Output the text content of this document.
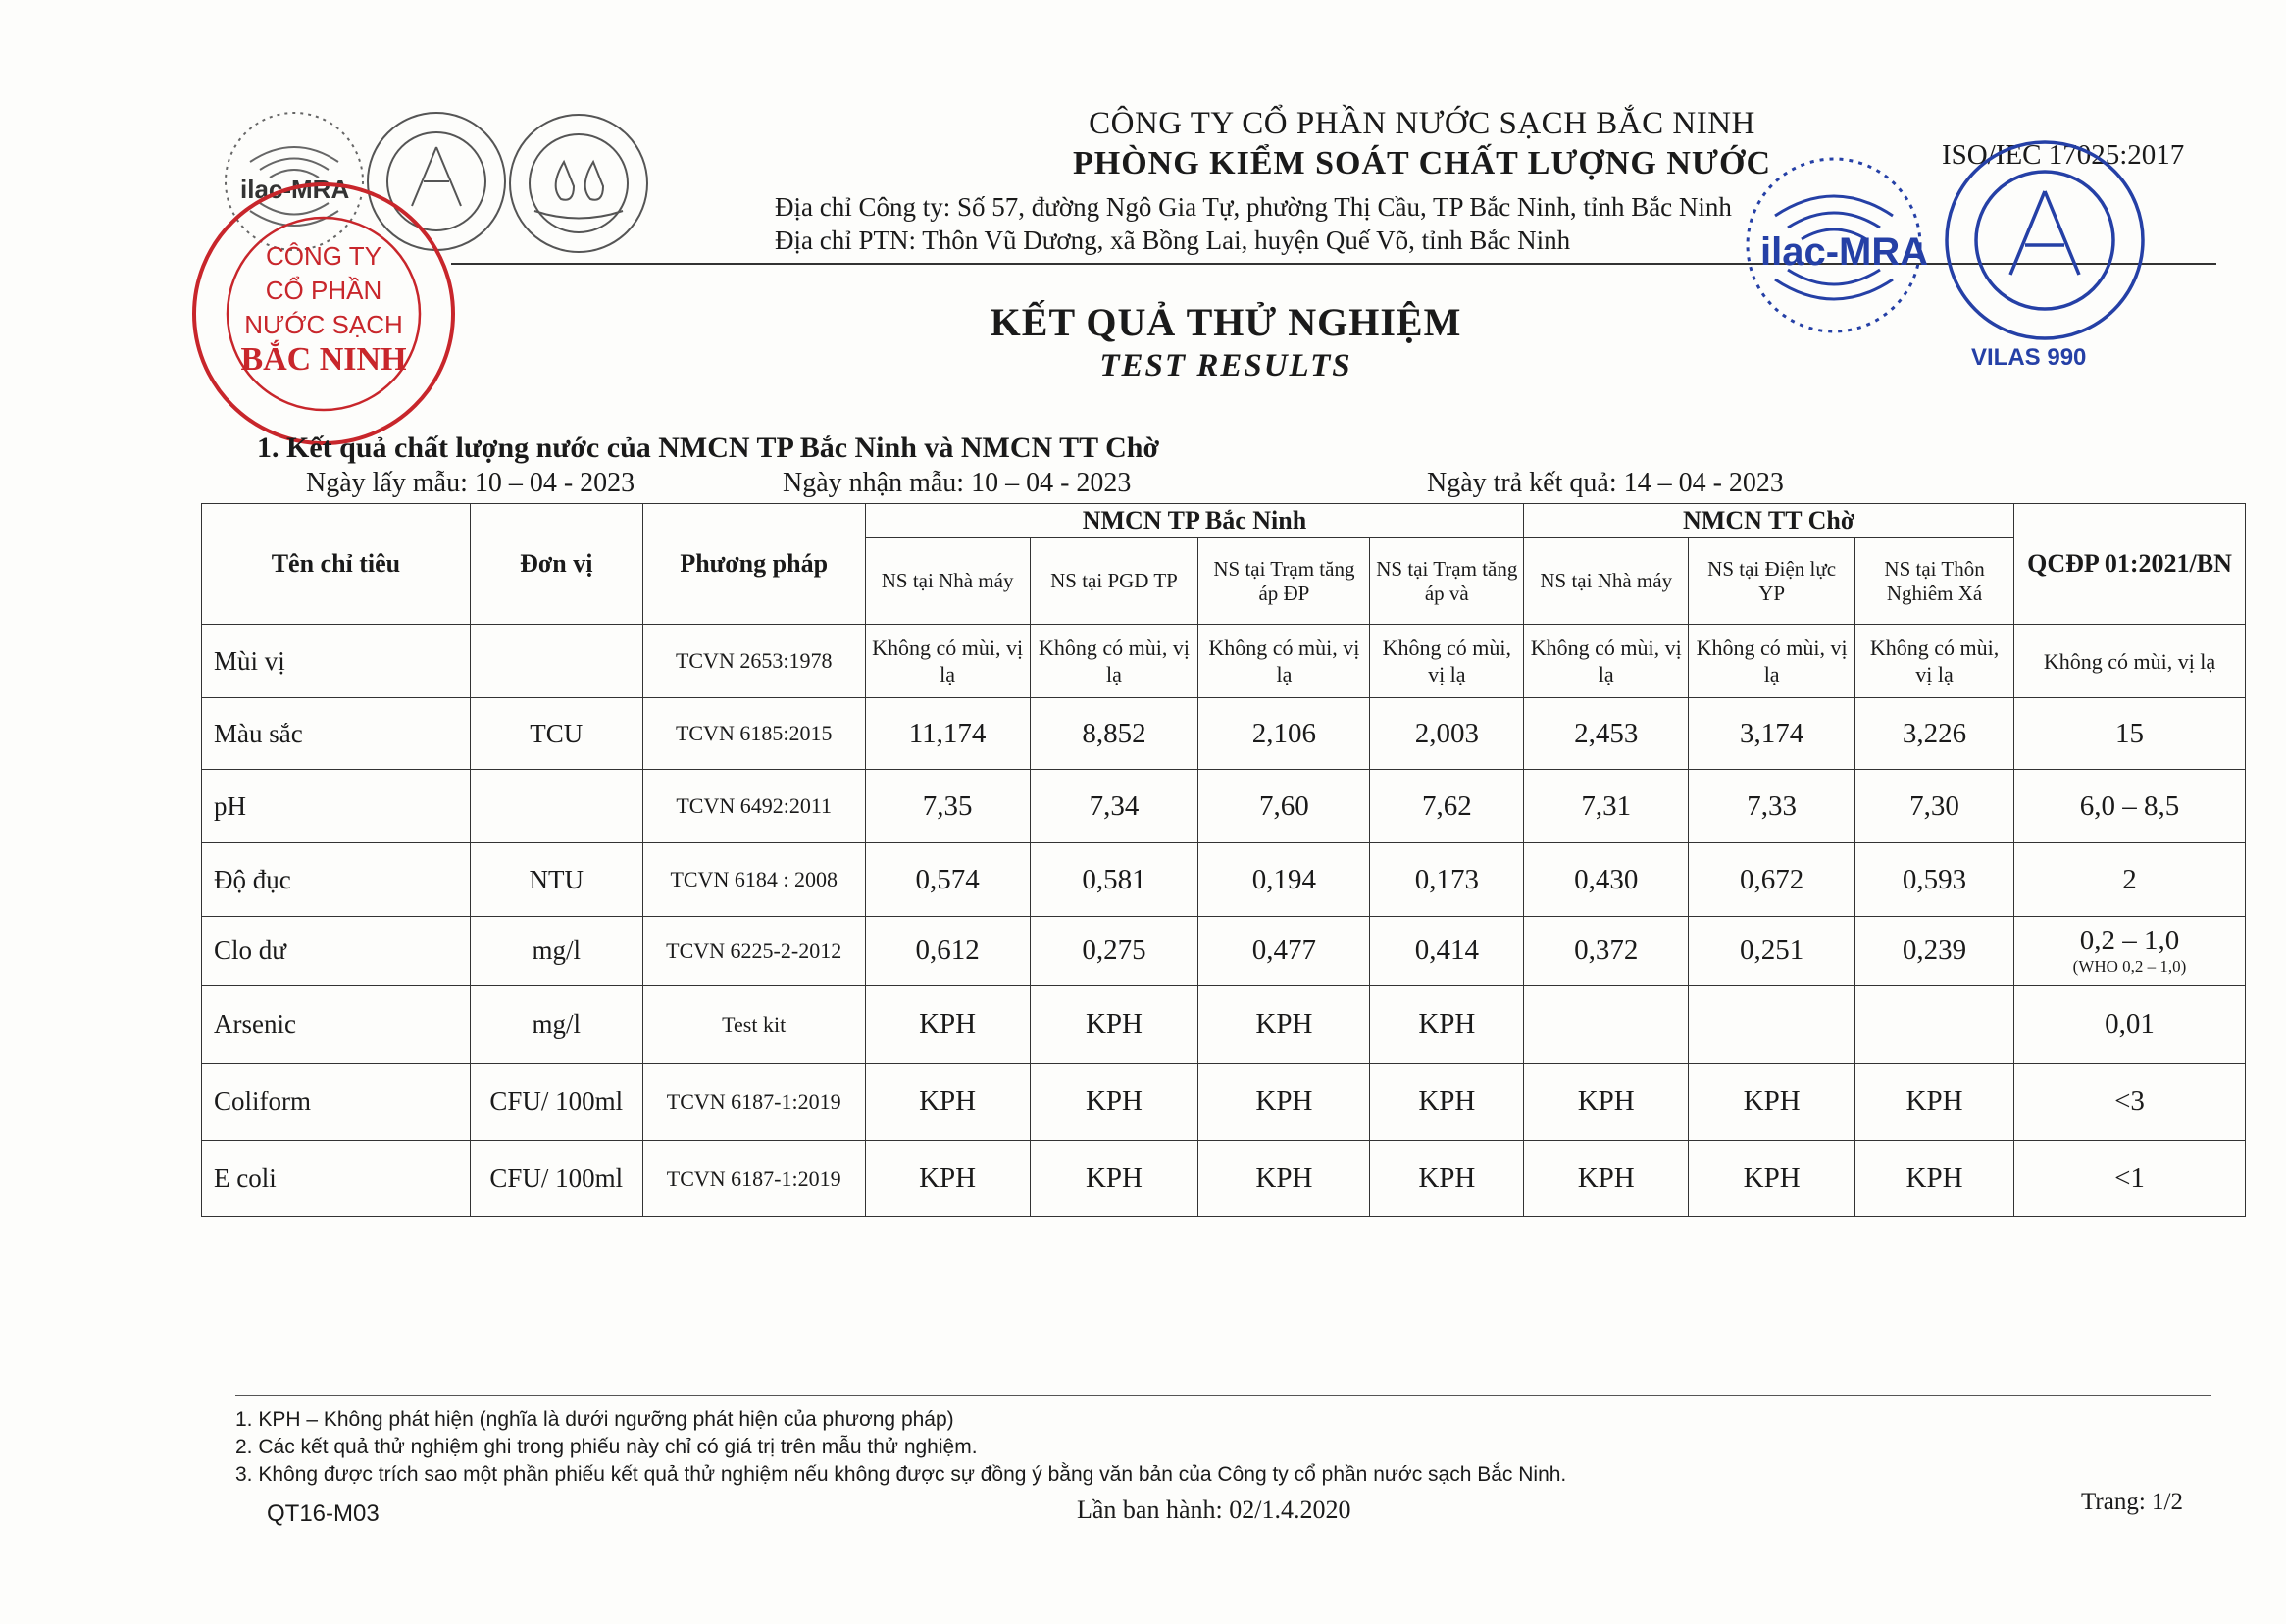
ilac-MRA
CÔNG TY
CỔ PHẦN
NƯỚC SẠCH
BẮC NINH
CÔNG TY CỔ PHẦN NƯỚC SẠCH BẮC NINH
PHÒNG KIỂM SOÁT CHẤT LƯỢNG NƯỚC
Địa chỉ Công ty: Số 57, đường Ngô Gia Tự, phường Thị Cầu, TP Bắc Ninh, tỉnh Bắc Ninh
Địa chỉ PTN: Thôn Vũ Dương, xã Bồng Lai, huyện Quế Võ, tỉnh Bắc Ninh
ISO/IEC 17025:2017
ilac-MRA
VILAS 990
KẾT QUẢ THỬ NGHIỆM
TEST RESULTS
1. Kết quả chất lượng nước của NMCN TP Bắc Ninh và NMCN TT Chờ
Ngày lấy mẫu: 10 – 04 - 2023	Ngày nhận mẫu: 10 – 04 - 2023	Ngày trả kết quả: 14 – 04 - 2023
Tên chỉ tiêu	Đơn vị	Phương pháp	NMCN TP Bắc Ninh				NMCN TT Chờ			QCĐP 01:2021/BN
			NS tại Nhà máy	NS tại PGD TP	NS tại Trạm tăng áp ĐP	NS tại Trạm tăng áp và	NS tại Nhà máy	NS tại Điện lực YP	NS tại Thôn Nghiêm Xá	
Mùi vị		TCVN 2653:1978	Không có mùi, vị lạ	Không có mùi, vị lạ	Không có mùi, vị lạ	Không có mùi, vị lạ	Không có mùi, vị lạ	Không có mùi, vị lạ	Không có mùi, vị lạ	Không có mùi, vị lạ
Màu sắc	TCU	TCVN 6185:2015	11,174	8,852	2,106	2,003	2,453	3,174	3,226	15
pH		TCVN 6492:2011	7,35	7,34	7,60	7,62	7,31	7,33	7,30	6,0 – 8,5
Độ đục	NTU	TCVN 6184 : 2008	0,574	0,581	0,194	0,173	0,430	0,672	0,593	2
Clo dư	mg/l	TCVN 6225-2-2012	0,612	0,275	0,477	0,414	0,372	0,251	0,239	0,2 – 1,0
(WHO 0,2 – 1,0)

Arsenic	mg/l	Test kit	KPH	KPH	KPH	KPH				0,01
Coliform	CFU/ 100ml	TCVN 6187-1:2019	KPH	KPH	KPH	KPH	KPH	KPH	KPH	<3
E coli	CFU/ 100ml	TCVN 6187-1:2019	KPH	KPH	KPH	KPH	KPH	KPH	KPH	<1
1. KPH – Không phát hiện (nghĩa là dưới ngưỡng phát hiện của phương pháp)
2. Các kết quả thử nghiệm ghi trong phiếu này chỉ có giá trị trên mẫu thử nghiệm.
3. Không được trích sao một phần phiếu kết quả thử nghiệm nếu không được sự đồng ý bằng văn bản của Công ty cổ phần nước sạch Bắc Ninh.
QT16-M03	Lần ban hành: 02/1.4.2020	Trang: 1/2
